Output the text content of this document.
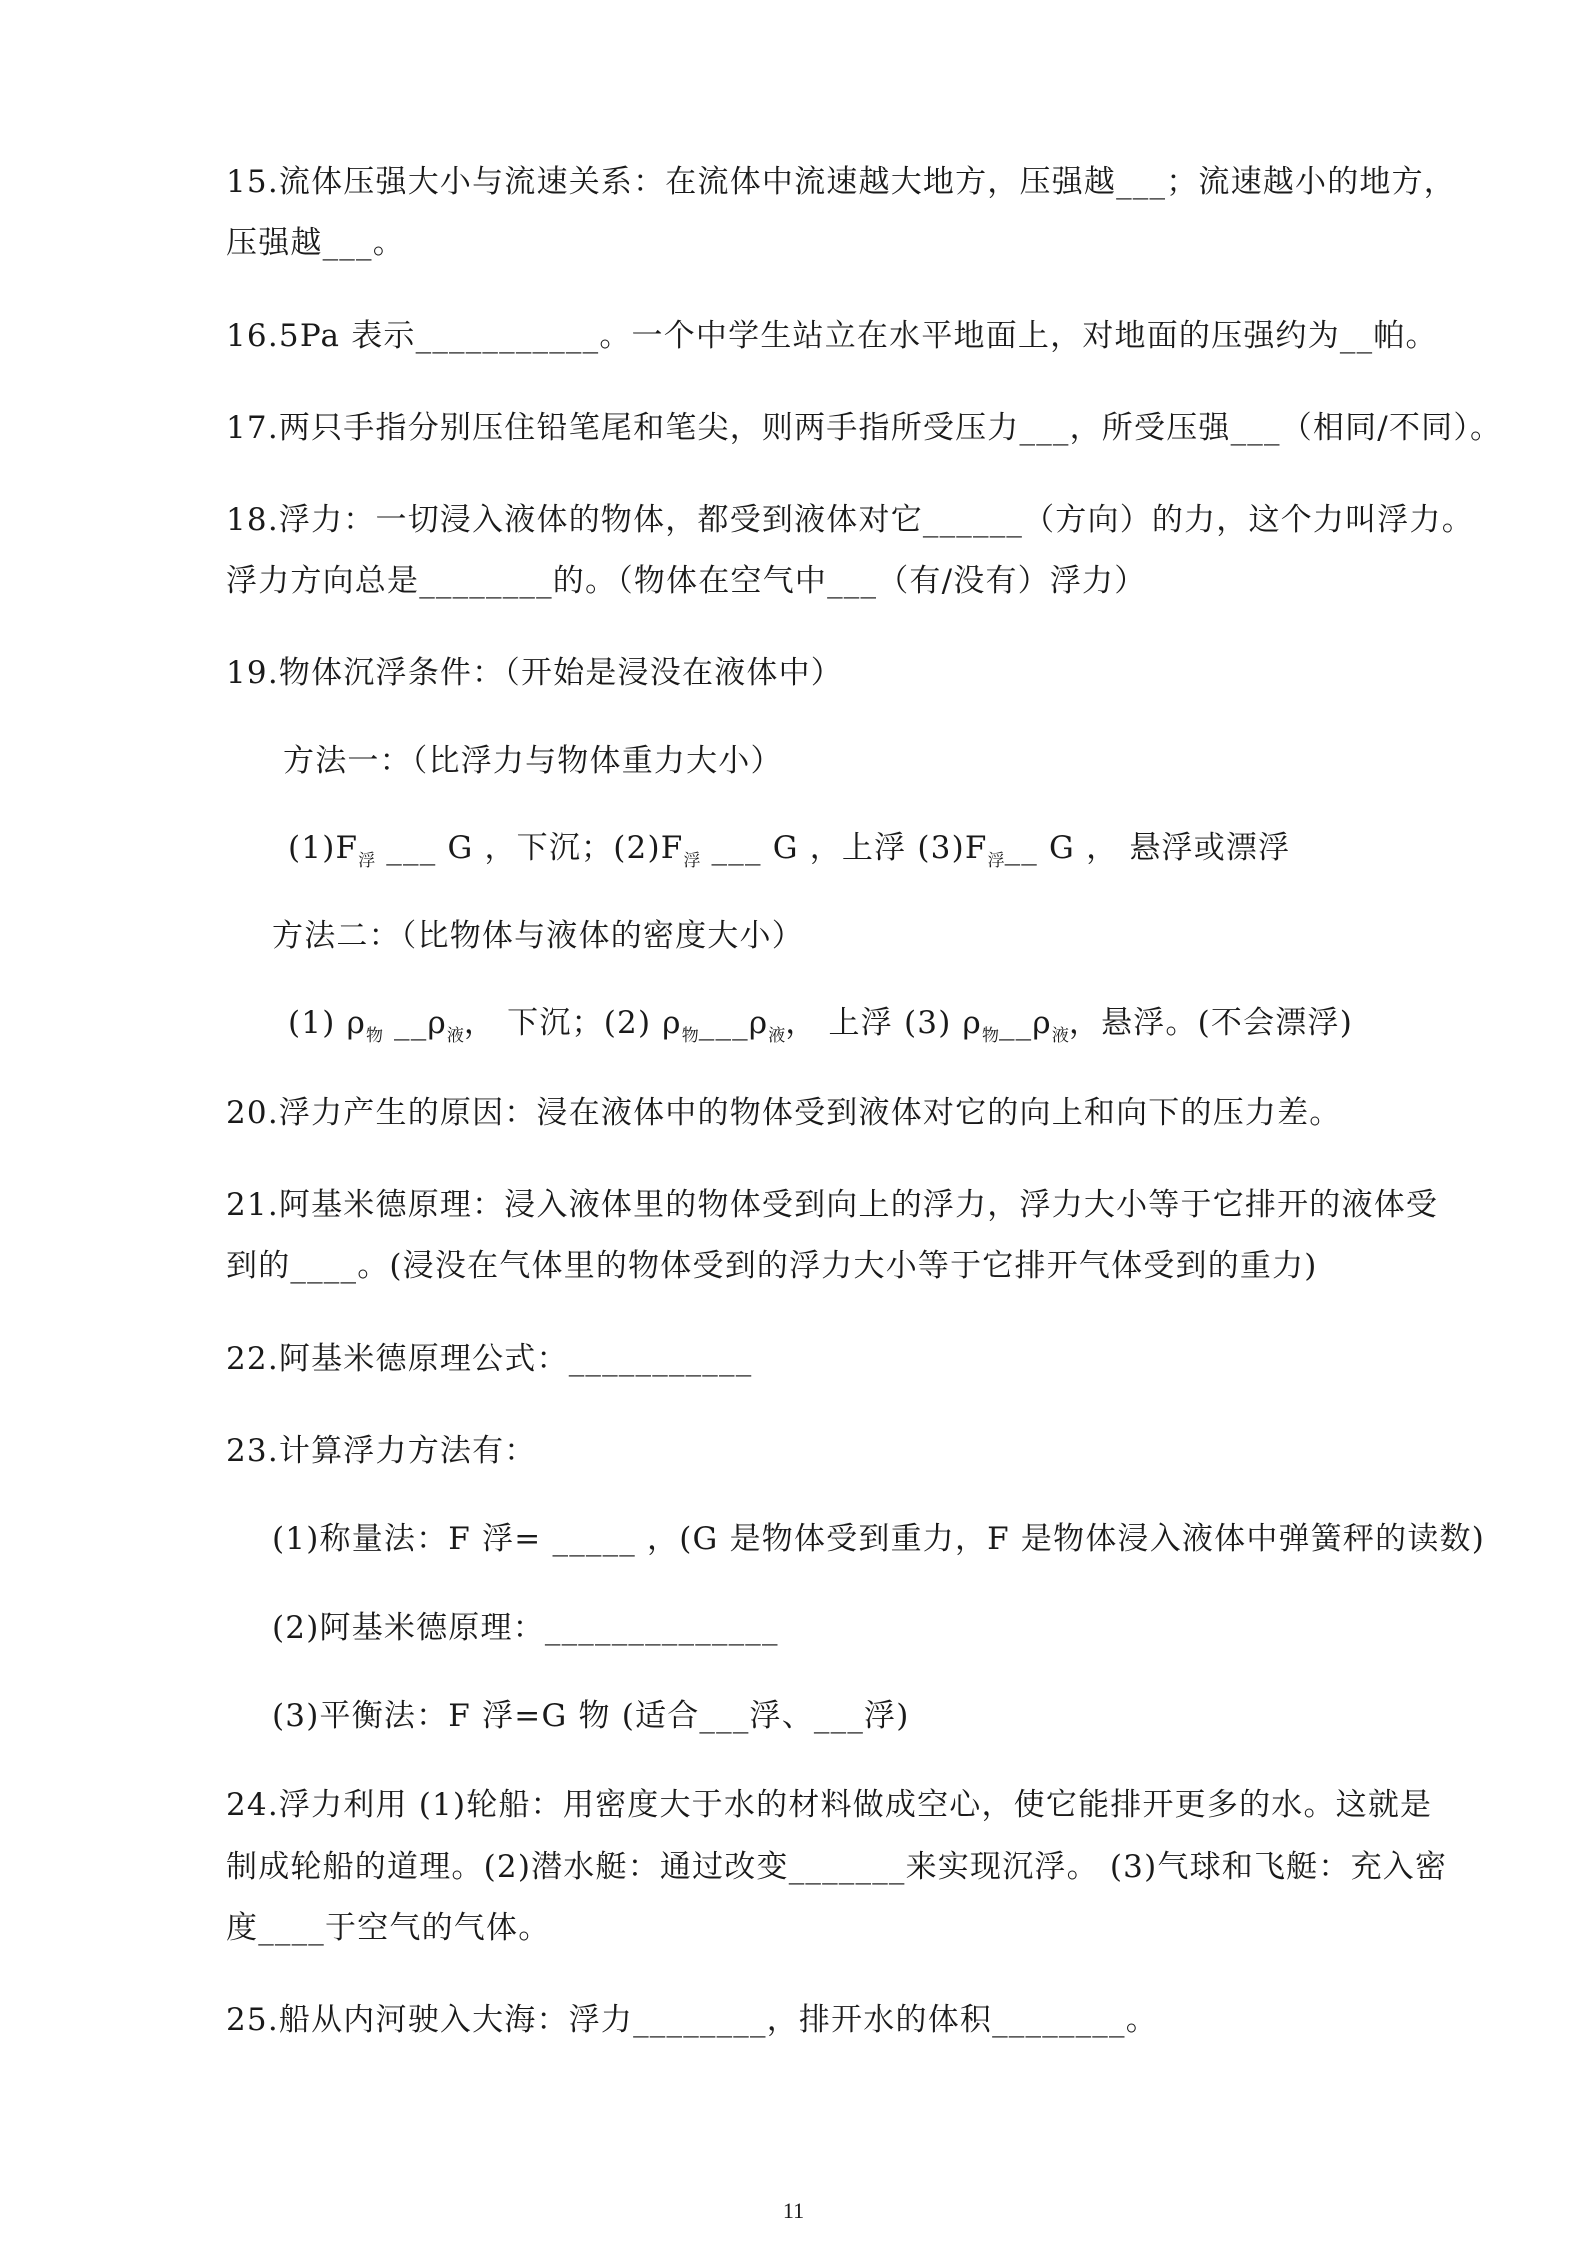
15.流体压强大小与流速关系：在流体中流速越大地方，压强越___；流速越小的地方，
压强越___。
16.5Pa 表示___________。一个中学生站立在水平地面上，对地面的压强约为__帕。
17.两只手指分别压住铅笔尾和笔尖，则两手指所受压力___，所受压强___（相同/不同）。
18.浮力：一切浸入液体的物体，都受到液体对它______（方向）的力，这个力叫浮力。
浮力方向总是________的。（物体在空气中___（有/没有）浮力）
19.物体沉浮条件：（开始是浸没在液体中）
方法一：（比浮力与物体重力大小）
$(1)F_浮$ ___ G ，下沉；$(2)F_浮$ ___ G ，上浮 $(3)F_浮\_\_$ G ， 悬浮或漂浮
方法二：（比物体与液体的密度大小）
(1) $\rho_物$ $\_\_\rho_液$， 下沉；(2) $\rho_物\_\_\_\rho_液$， 上浮 (3) $\rho_物\_\_\rho_液$，悬浮。(不会漂浮)
20.浮力产生的原因：浸在液体中的物体受到液体对它的向上和向下的压力差。
21.阿基米德原理：浸入液体里的物体受到向上的浮力，浮力大小等于它排开的液体受
到的____。(浸没在气体里的物体受到的浮力大小等于它排开气体受到的重力)
22.阿基米德原理公式：___________
23.计算浮力方法有：
(1)称量法：F 浮= _____ ，(G 是物体受到重力，F 是物体浸入液体中弹簧秤的读数)
(2)阿基米德原理：______________
(3)平衡法：F 浮=G 物 (适合___浮、___浮)
24.浮力利用 (1)轮船：用密度大于水的材料做成空心，使它能排开更多的水。这就是
制成轮船的道理。(2)潜水艇：通过改变_______来实现沉浮。 (3)气球和飞艇：充入密
度____于空气的气体。
25.船从内河驶入大海：浮力________，排开水的体积________。
11
